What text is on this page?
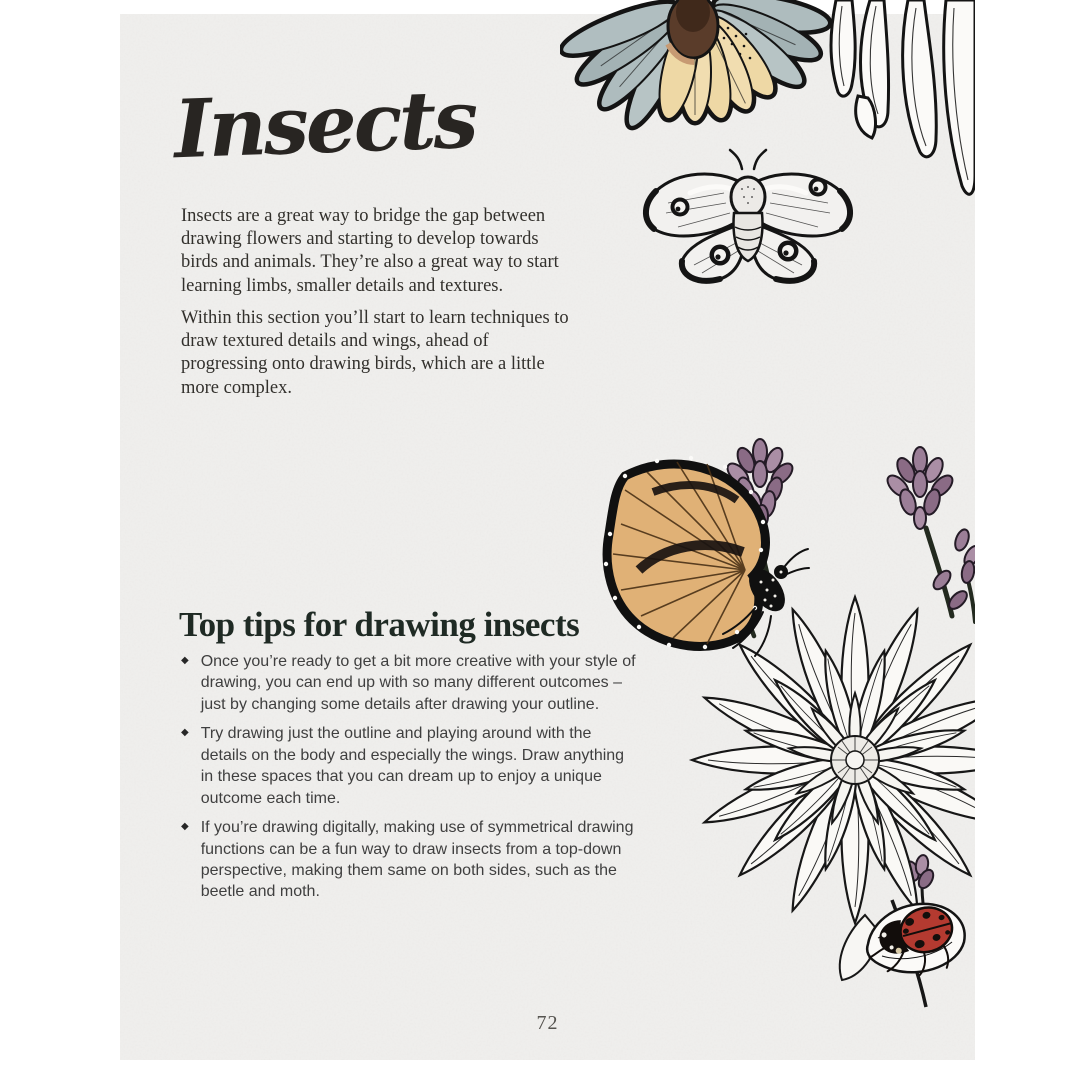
Insects

Insects are a great way to bridge the gap between drawing flowers and starting to develop towards birds and animals. They’re also a great way to start learning limbs, smaller details and textures.

Within this section you’ll start to learn techniques to draw textured details and wings, ahead of progressing onto drawing birds, which are a little more complex.

Top tips for drawing insects
◆ Once you’re ready to get a bit more creative with your style of drawing, you can end up with so many different outcomes – just by changing some details after drawing your outline.
◆ Try drawing just the outline and playing around with the details on the body and especially the wings. Draw anything in these spaces that you can dream up to enjoy a unique outcome each time.
◆ If you’re drawing digitally, making use of symmetrical drawing functions can be a fun way to draw insects from a top-down perspective, making them same on both sides, such as the beetle and moth.
72
